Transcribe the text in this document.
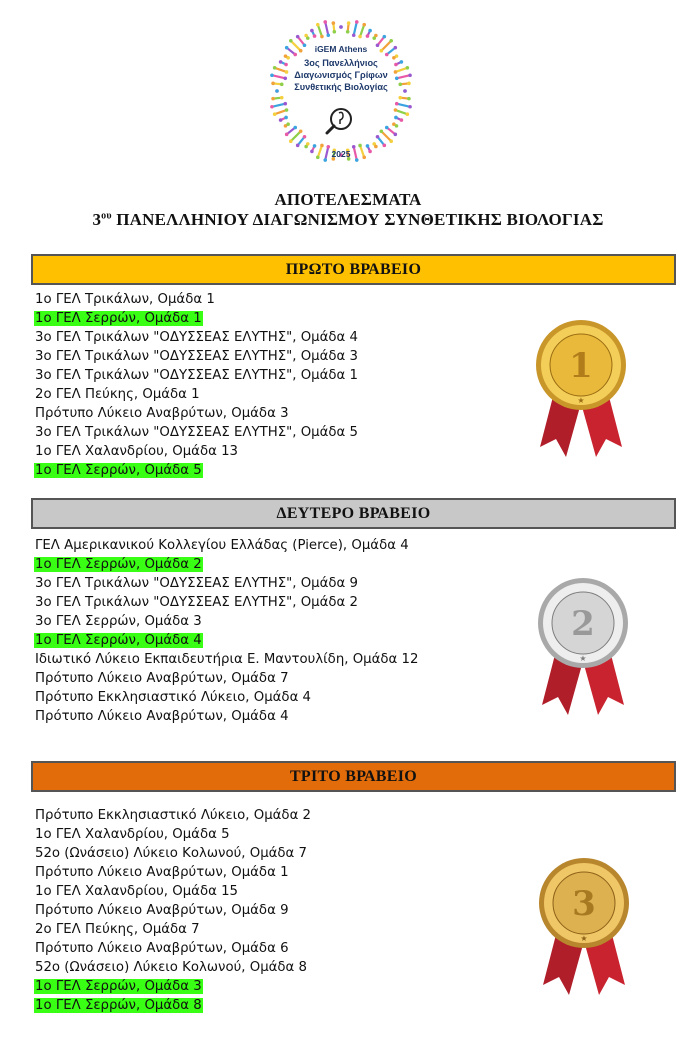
iGEM Athens
3ος Πανελλήνιος
Διαγωνισμός Γρίφων
Συνθετικής Βιολογίας
2025
ΑΠΟΤΕΛΕΣΜΑΤΑ
$3^{o\upsilon}$ ΠΑΝΕΛΛΗΝΙΟΥ ΔΙΑΓΩΝΙΣΜΟΥ ΣΥΝΘΕΤΙΚΗΣ ΒΙΟΛΟΓΙΑΣ
ΠΡΩΤΟ ΒΡΑΒΕΙΟ
ΔΕΥΤΕΡΟ ΒΡΑΒΕΙΟ
ΤΡΙΤΟ ΒΡΑΒΕΙΟ
1ο ΓΕΛ Τρικάλων, Ομάδα 1
1ο ΓΕΛ Σερρών, Ομάδα 1
3ο ΓΕΛ Τρικάλων "ΟΔΥΣΣΕΑΣ ΕΛΥΤΗΣ", Ομάδα 4
3ο ΓΕΛ Τρικάλων "ΟΔΥΣΣΕΑΣ ΕΛΥΤΗΣ", Ομάδα 3
3ο ΓΕΛ Τρικάλων "ΟΔΥΣΣΕΑΣ ΕΛΥΤΗΣ", Ομάδα 1
2ο ΓΕΛ Πεύκης, Ομάδα 1
Πρότυπο Λύκειο Αναβρύτων, Ομάδα 3
3ο ΓΕΛ Τρικάλων "ΟΔΥΣΣΕΑΣ ΕΛΥΤΗΣ", Ομάδα 5
1ο ΓΕΛ Χαλανδρίου, Ομάδα 13
1ο ΓΕΛ Σερρών, Ομάδα 5
ΓΕΛ Αμερικανικού Κολλεγίου Ελλάδας (Pierce), Ομάδα 4
1ο ΓΕΛ Σερρών, Ομάδα 2
3ο ΓΕΛ Τρικάλων "ΟΔΥΣΣΕΑΣ ΕΛΥΤΗΣ", Ομάδα 9
3ο ΓΕΛ Τρικάλων "ΟΔΥΣΣΕΑΣ ΕΛΥΤΗΣ", Ομάδα 2
3ο ΓΕΛ Σερρών, Ομάδα 3
1ο ΓΕΛ Σερρών, Ομάδα 4
Ιδιωτικό Λύκειο Εκπαιδευτήρια Ε. Μαντουλίδη, Ομάδα 12
Πρότυπο Λύκειο Αναβρύτων, Ομάδα 7
Πρότυπο Εκκλησιαστικό Λύκειο, Ομάδα 4
Πρότυπο Λύκειο Αναβρύτων, Ομάδα 4
Πρότυπο Εκκλησιαστικό Λύκειο, Ομάδα 2
1ο ΓΕΛ Χαλανδρίου, Ομάδα 5
52ο (Ωνάσειο) Λύκειο Κολωνού, Ομάδα 7
Πρότυπο Λύκειο Αναβρύτων, Ομάδα 1
1ο ΓΕΛ Χαλανδρίου, Ομάδα 15
Πρότυπο Λύκειο Αναβρύτων, Ομάδα 9
2ο ΓΕΛ Πεύκης, Ομάδα 7
Πρότυπο Λύκειο Αναβρύτων, Ομάδα 6
52ο (Ωνάσειο) Λύκειο Κολωνού, Ομάδα 8
1ο ΓΕΛ Σερρών, Ομάδα 3
1ο ΓΕΛ Σερρών, Ομάδα 8
1
★
2
★
3
★
